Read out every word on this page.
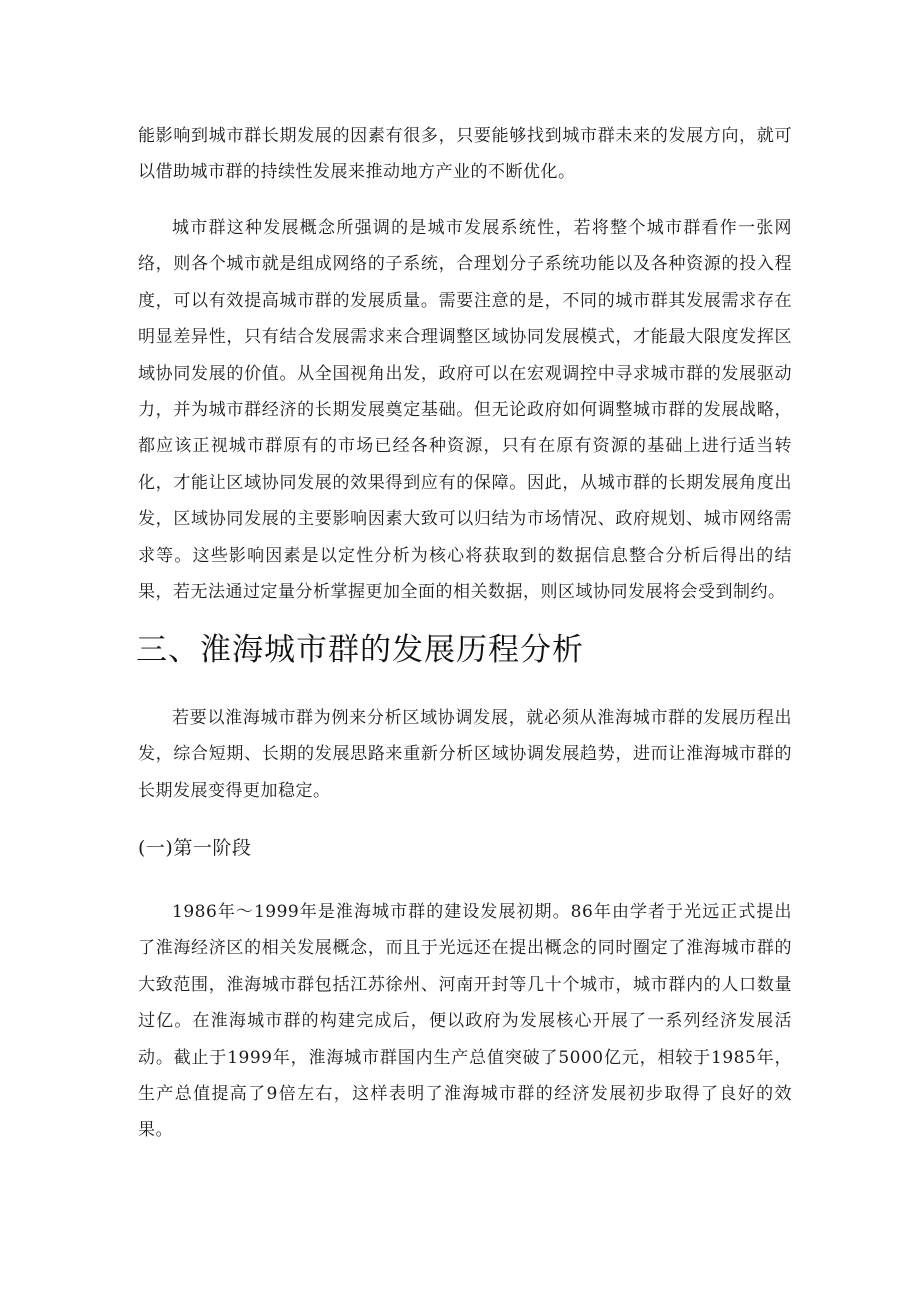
能影响到城市群长期发展的因素有很多，只要能够找到城市群未来的发展方向，就可以借助城市群的持续性发展来推动地方产业的不断优化。

城市群这种发展概念所强调的是城市发展系统性，若将整个城市群看作一张网络，则各个城市就是组成网络的子系统，合理划分子系统功能以及各种资源的投入程度，可以有效提高城市群的发展质量。需要注意的是，不同的城市群其发展需求存在明显差异性，只有结合发展需求来合理调整区域协同发展模式，才能最大限度发挥区域协同发展的价值。从全国视角出发，政府可以在宏观调控中寻求城市群的发展驱动力，并为城市群经济的长期发展奠定基础。但无论政府如何调整城市群的发展战略，都应该正视城市群原有的市场已经各种资源，只有在原有资源的基础上进行适当转化，才能让区域协同发展的效果得到应有的保障。因此，从城市群的长期发展角度出发，区域协同发展的主要影响因素大致可以归结为市场情况、政府规划、城市网络需求等。这些影响因素是以定性分析为核心将获取到的数据信息整合分析后得出的结果，若无法通过定量分析掌握更加全面的相关数据，则区域协同发展将会受到制约。

三、淮海城市群的发展历程分析

若要以淮海城市群为例来分析区域协调发展，就必须从淮海城市群的发展历程出发，综合短期、长期的发展思路来重新分析区域协调发展趋势，进而让淮海城市群的长期发展变得更加稳定。

(一)第一阶段

1986年～1999年是淮海城市群的建设发展初期。86年由学者于光远正式提出了淮海经济区的相关发展概念，而且于光远还在提出概念的同时圈定了淮海城市群的大致范围，淮海城市群包括江苏徐州、河南开封等几十个城市，城市群内的人口数量过亿。在淮海城市群的构建完成后，便以政府为发展核心开展了一系列经济发展活动。截止于1999年，淮海城市群国内生产总值突破了5000亿元，相较于1985年，生产总值提高了9倍左右，这样表明了淮海城市群的经济发展初步取得了良好的效果。
